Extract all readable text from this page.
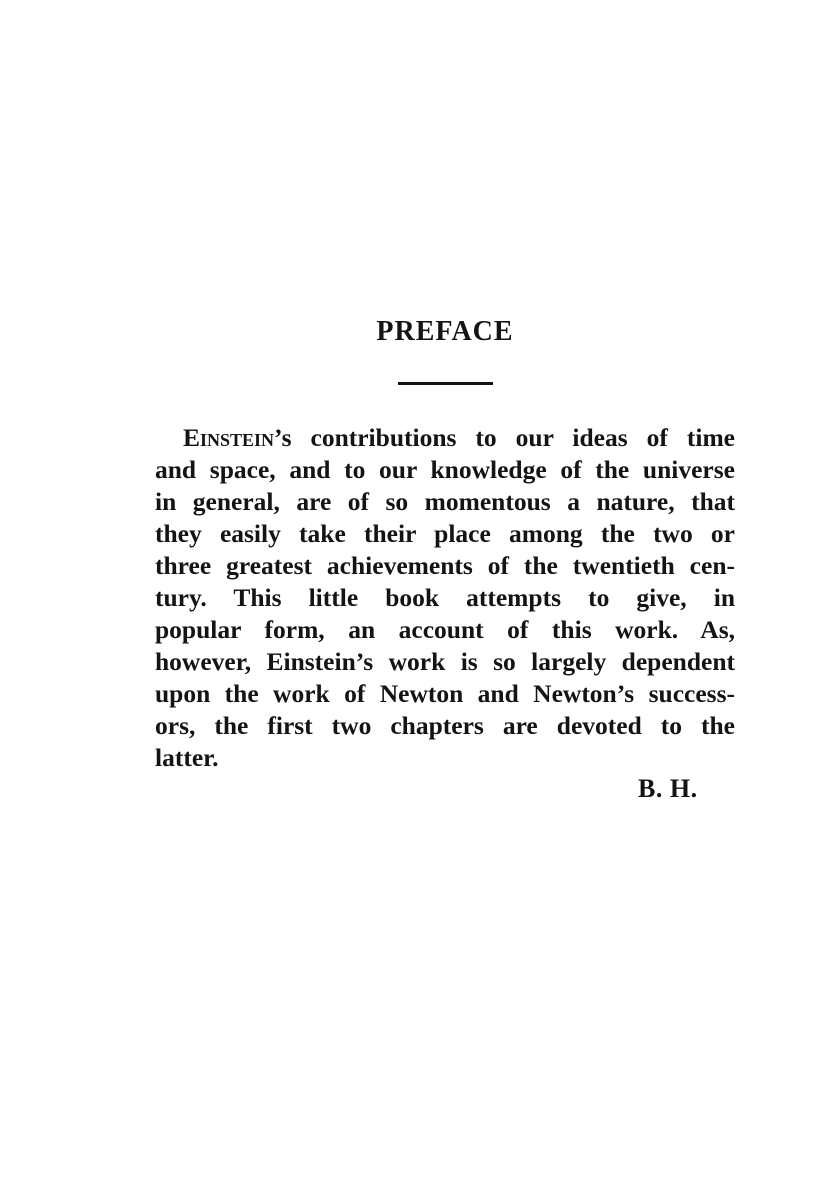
PREFACE
Einstein’s contributions to our ideas of time
and space, and to our knowledge of the universe
in general, are of so momentous a nature, that
they easily take their place among the two or
three greatest achievements of the twentieth cen-
tury. This little book attempts to give, in
popular form, an account of this work. As,
however, Einstein’s work is so largely dependent
upon the work of Newton and Newton’s success-
ors, the first two chapters are devoted to the
latter.
B. H.
